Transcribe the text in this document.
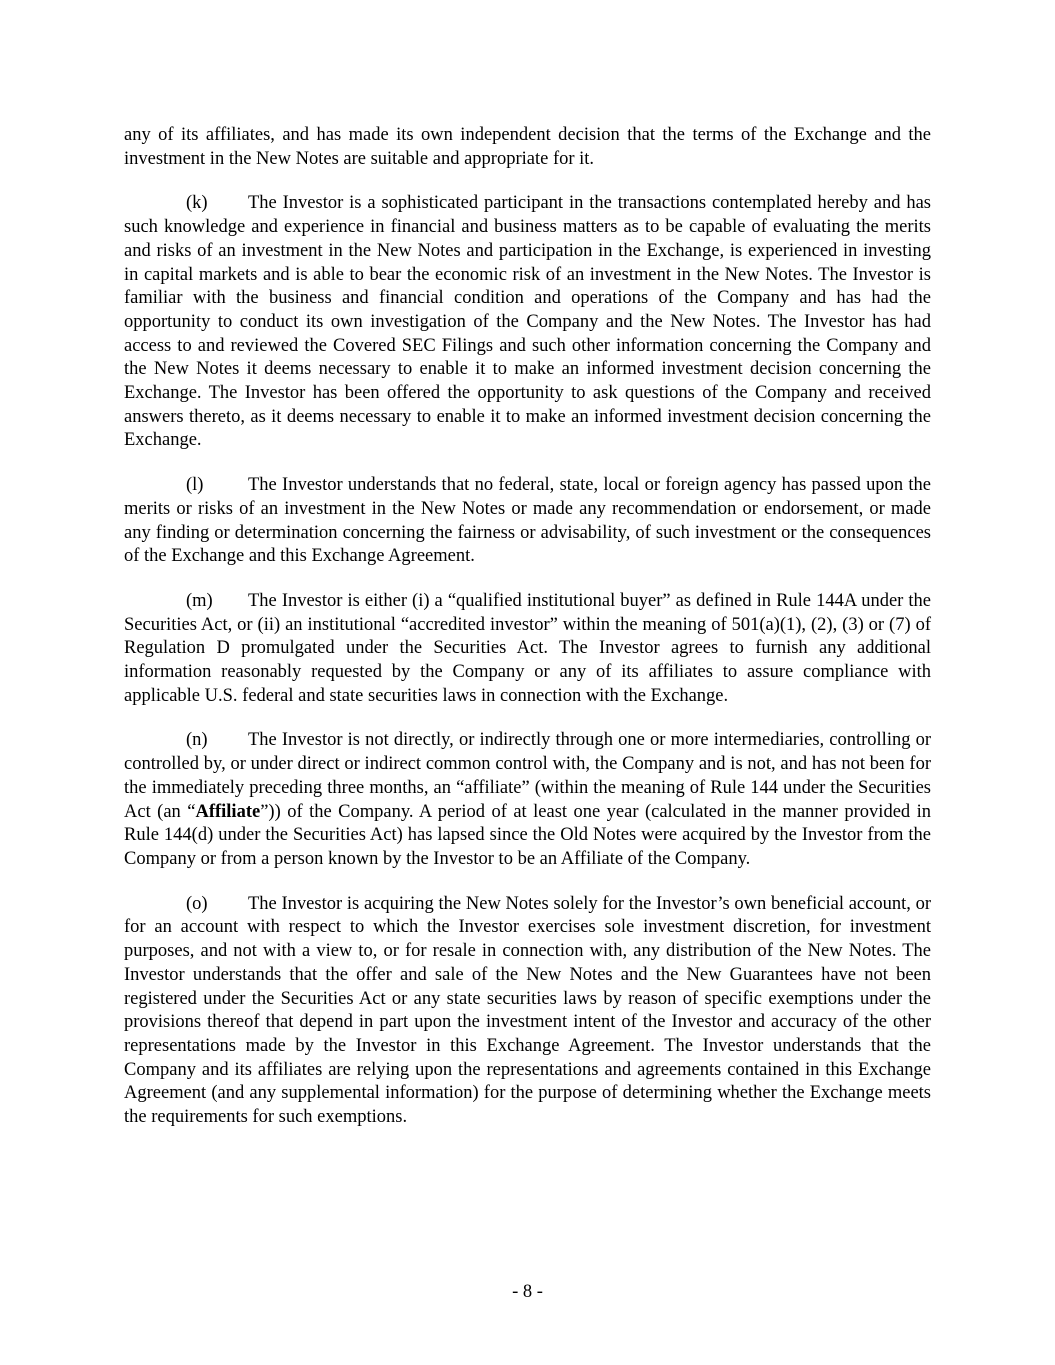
any of its affiliates, and has made its own independent decision that the terms of the Exchange and the investment in the New Notes are suitable and appropriate for it.

(k) The Investor is a sophisticated participant in the transactions contemplated hereby and has such knowledge and experience in financial and business matters as to be capable of evaluating the merits and risks of an investment in the New Notes and participation in the Exchange, is experienced in investing in capital markets and is able to bear the economic risk of an investment in the New Notes. The Investor is familiar with the business and financial condition and operations of the Company and has had the opportunity to conduct its own investigation of the Company and the New Notes. The Investor has had access to and reviewed the Covered SEC Filings and such other information concerning the Company and the New Notes it deems necessary to enable it to make an informed investment decision concerning the Exchange. The Investor has been offered the opportunity to ask questions of the Company and received answers thereto, as it deems necessary to enable it to make an informed investment decision concerning the Exchange.

(l) The Investor understands that no federal, state, local or foreign agency has passed upon the merits or risks of an investment in the New Notes or made any recommendation or endorsement, or made any finding or determination concerning the fairness or advisability, of such investment or the consequences of the Exchange and this Exchange Agreement.

(m) The Investor is either (i) a “qualified institutional buyer” as defined in Rule 144A under the Securities Act, or (ii) an institutional “accredited investor” within the meaning of 501(a)(1), (2), (3) or (7) of Regulation D promulgated under the Securities Act. The Investor agrees to furnish any additional information reasonably requested by the Company or any of its affiliates to assure compliance with applicable U.S. federal and state securities laws in connection with the Exchange.

(n) The Investor is not directly, or indirectly through one or more intermediaries, controlling or controlled by, or under direct or indirect common control with, the Company and is not, and has not been for the immediately preceding three months, an “affiliate” (within the meaning of Rule 144 under the Securities Act (an “Affiliate”)) of the Company. A period of at least one year (calculated in the manner provided in Rule 144(d) under the Securities Act) has lapsed since the Old Notes were acquired by the Investor from the Company or from a person known by the Investor to be an Affiliate of the Company.

(o) The Investor is acquiring the New Notes solely for the Investor’s own beneficial account, or for an account with respect to which the Investor exercises sole investment discretion, for investment purposes, and not with a view to, or for resale in connection with, any distribution of the New Notes. The Investor understands that the offer and sale of the New Notes and the New Guarantees have not been registered under the Securities Act or any state securities laws by reason of specific exemptions under the provisions thereof that depend in part upon the investment intent of the Investor and accuracy of the other representations made by the Investor in this Exchange Agreement. The Investor understands that the Company and its affiliates are relying upon the representations and agreements contained in this Exchange Agreement (and any supplemental information) for the purpose of determining whether the Exchange meets the requirements for such exemptions.

- 8 -
